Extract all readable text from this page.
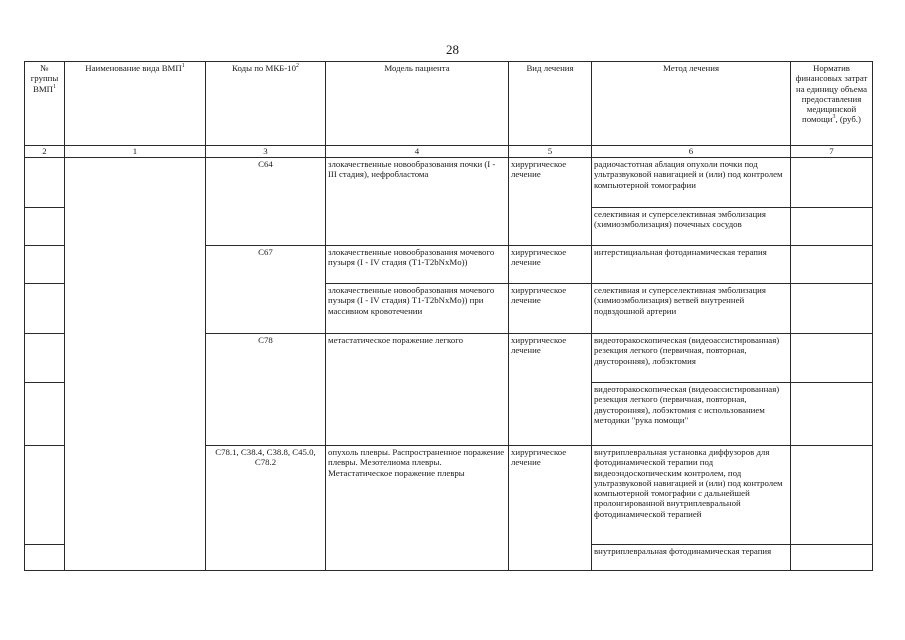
28
№ группы ВМП$^1$	Наименование вида ВМП$^1$	Коды по МКБ-$10^2$	Модель пациента	Вид лечения	Метод лечения	Норматив финансовых затрат на единицу объема предоставления медицинской помощи$^3$, (руб.)
2	1	3	4	5	6	7
		C64	злокачественные новообразования почки (I - III стадия), нефробластома	хирургическое лечение	радиочастотная аблация опухоли почки под ультразвуковой навигацией и (или) под контролем компьютерной томографии	
					селективная и суперселективная эмболизация (химиоэмболизация) почечных сосудов	
		C67	злокачественные новообразования мочевого пузыря (I - IV стадия (T1-T2bNxMo))	хирургическое лечение	интерстициальная фотодинамическая терапия	
			злокачественные новообразования мочевого пузыря (I - IV стадия) T1-T2bNxMo)) при массивном кровотечении	хирургическое лечение	селективная и суперселективная эмболизация (химиоэмболизация) ветвей внутренней подвздошной артерии	
		C78	метастатическое поражение легкого	хирургическое лечение	видеоторакоскопическая (видеоассистированная) резекция легкого (первичная, повторная, двусторонняя), лобэктомия	
					видеоторакоскопическая (видеоассистированная) резекция легкого (первичная, повторная, двусторонняя), лобэктомия с использованием методики "рука помощи"	
		C78.1, C38.4, C38.8, C45.0, C78.2	опухоль плевры. Распространенное поражение плевры. Мезотелиома плевры. Метастатическое поражение плевры	хирургическое лечение	внутриплевральная установка диффузоров для фотодинамической терапии под видеоэндоскопическим контролем, под ультразвуковой навигацией и (или) под контролем компьютерной томографии с дальнейшей пролонгированной внутриплевральной фотодинамической терапией	
					внутриплевральная фотодинамическая терапия	
